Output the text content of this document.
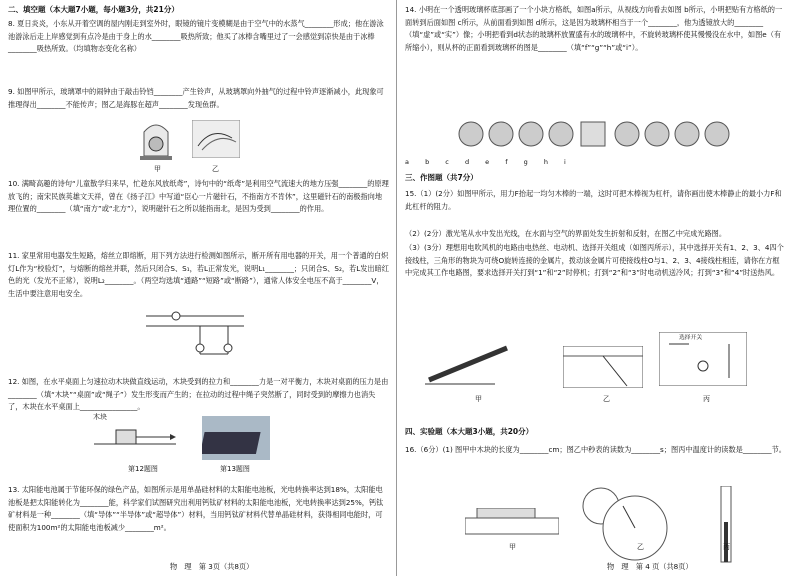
二、填空题（本大题7小题，每小题3分，共21分）
8. 夏日炎炎，小东从开着空调的屋内刚走到室外时，眼镜的镜片变模糊是由于空气中的水蒸气________形成；他在游泳池游泳后走上岸感觉到有点冷是由于身上的水________吸热所致；他买了冰棒含嘴里过了一会感觉到凉快是由于冰棒________吸热所致。（均填物态变化名称）
9. 如图甲所示，玻璃罩中的闹钟由于敲击铃铛________产生铃声，从玻璃罩向外抽气的过程中铃声逐渐减小，此现象可推理得出________不能传声；图乙是海豚在超声________发现鱼群。
甲	乙
10. 满畸高趣的诗句“儿童散学归来早，忙趁东风放纸鸢”，诗句中的“纸鸢”是利用空气流速大的地方压强________的原理放飞的；南宋民族英雄文天祥，曾在《扬子江》中写道“臣心一片磁针石，不指南方不肯休”，这里磁针石的南极指向地理位置的________（填“南方”或“北方”），说明磁针石之所以能指南北，是因为受到________的作用。
11. 家里常用电器发生短路，熔丝立即熔断，用下列方法进行检测如图所示，断开所有用电器的开关，用一个普通的白炽灯L作为“校验灯”，与熔断的熔丝并联，然后只闭合S、S₁，若L正常发光，说明L₁________；只闭合S、S₂，若L发出暗红色的光（发光不正常），说明L₂________。（两空均选填“通路”“短路”或“断路”），通常人体安全电压不高于________V，生活中要注意用电安全。
12. 如图，在水平桌面上匀速拉动木块做直线运动，木块受到的拉力和________力是一对平衡力，木块对桌面的压力是由________（填“木块”“桌面”或“绳子”）发生形变而产生的；在拉动的过程中绳子突然断了，同时受到的摩擦力也消失了，木块在水平桌面上________________。
木块
第12题图	第13题图
13. 太阳能电池属于节能环保的绿色产品，如图所示是用单晶硅材料的太阳能电池板，光电转换率达到18%，太阳能电池板是把太阳能转化为________能，科学家们试图研究出利用钙钛矿材料的太阳能电池板，光电转换率达到25%，钙钛矿材料是一种________（填“导体”“半导体”或“超导体”）材料，当用钙钛矿材料代替单晶硅材料，获得相同电能时，可使面积为100m²的太阳能电池板减少________m²。
物　理　第 3页（共8页）
14. 小明在一个透明玻璃杯底部画了一个小块方格纸，如图a所示，从视线方向看去如图 b所示，小明把贴有方格纸的一面转到后面如图 c所示，从前面看到如图 d所示，这是因为玻璃杯相当于一个________，他为透镜放大的________（填“虚”或“实”）像；小明把看到d状态的玻璃杯放置盛有水的玻璃杯中，不旋转玻璃杯使其慢慢没在水中，如图e（有所缩小），则从杯的正面看到玻璃杯的图是________（填“f”“g”“h”或“i”）。
a b c d e f g h i
三、作图题（共7分）
15.（1）(2分）如图甲所示，用力F抬起一均匀木棒的一端，这时可把木棒视为杠杆，请你画出使木棒静止的最小力F和此杠杆的阻力。
（2）(2分）激光笔从水中发出光线，在水面与空气的界面处发生折射和反射，在图乙中完成光路图。
（3）(3分）理想用电吹风机的电路由电热丝、电动机、选择开关组成（如图丙所示），其中选择开关有1、2、3、4四个接线柱，三角形的物块为可绕O旋转连接的金属片，拨动该金属片可使接线柱O与1、2、3、4接线柱相连，请你在方框中完成其工作电路图，要求选择开关打到“1”和“2”时停机；打到“2”和“3”时电动机送冷风；打到“3”和“4”时送热风。
选择开关
甲	乙	丙
四、实验题（本大题3小题，共20分）
16.（6分）(1) 图甲中木块的长度为________cm；图乙中秒表的读数为________s；图丙中温度计的读数是________节。
甲	乙	丙
物　理　第 4 页（共8页）
